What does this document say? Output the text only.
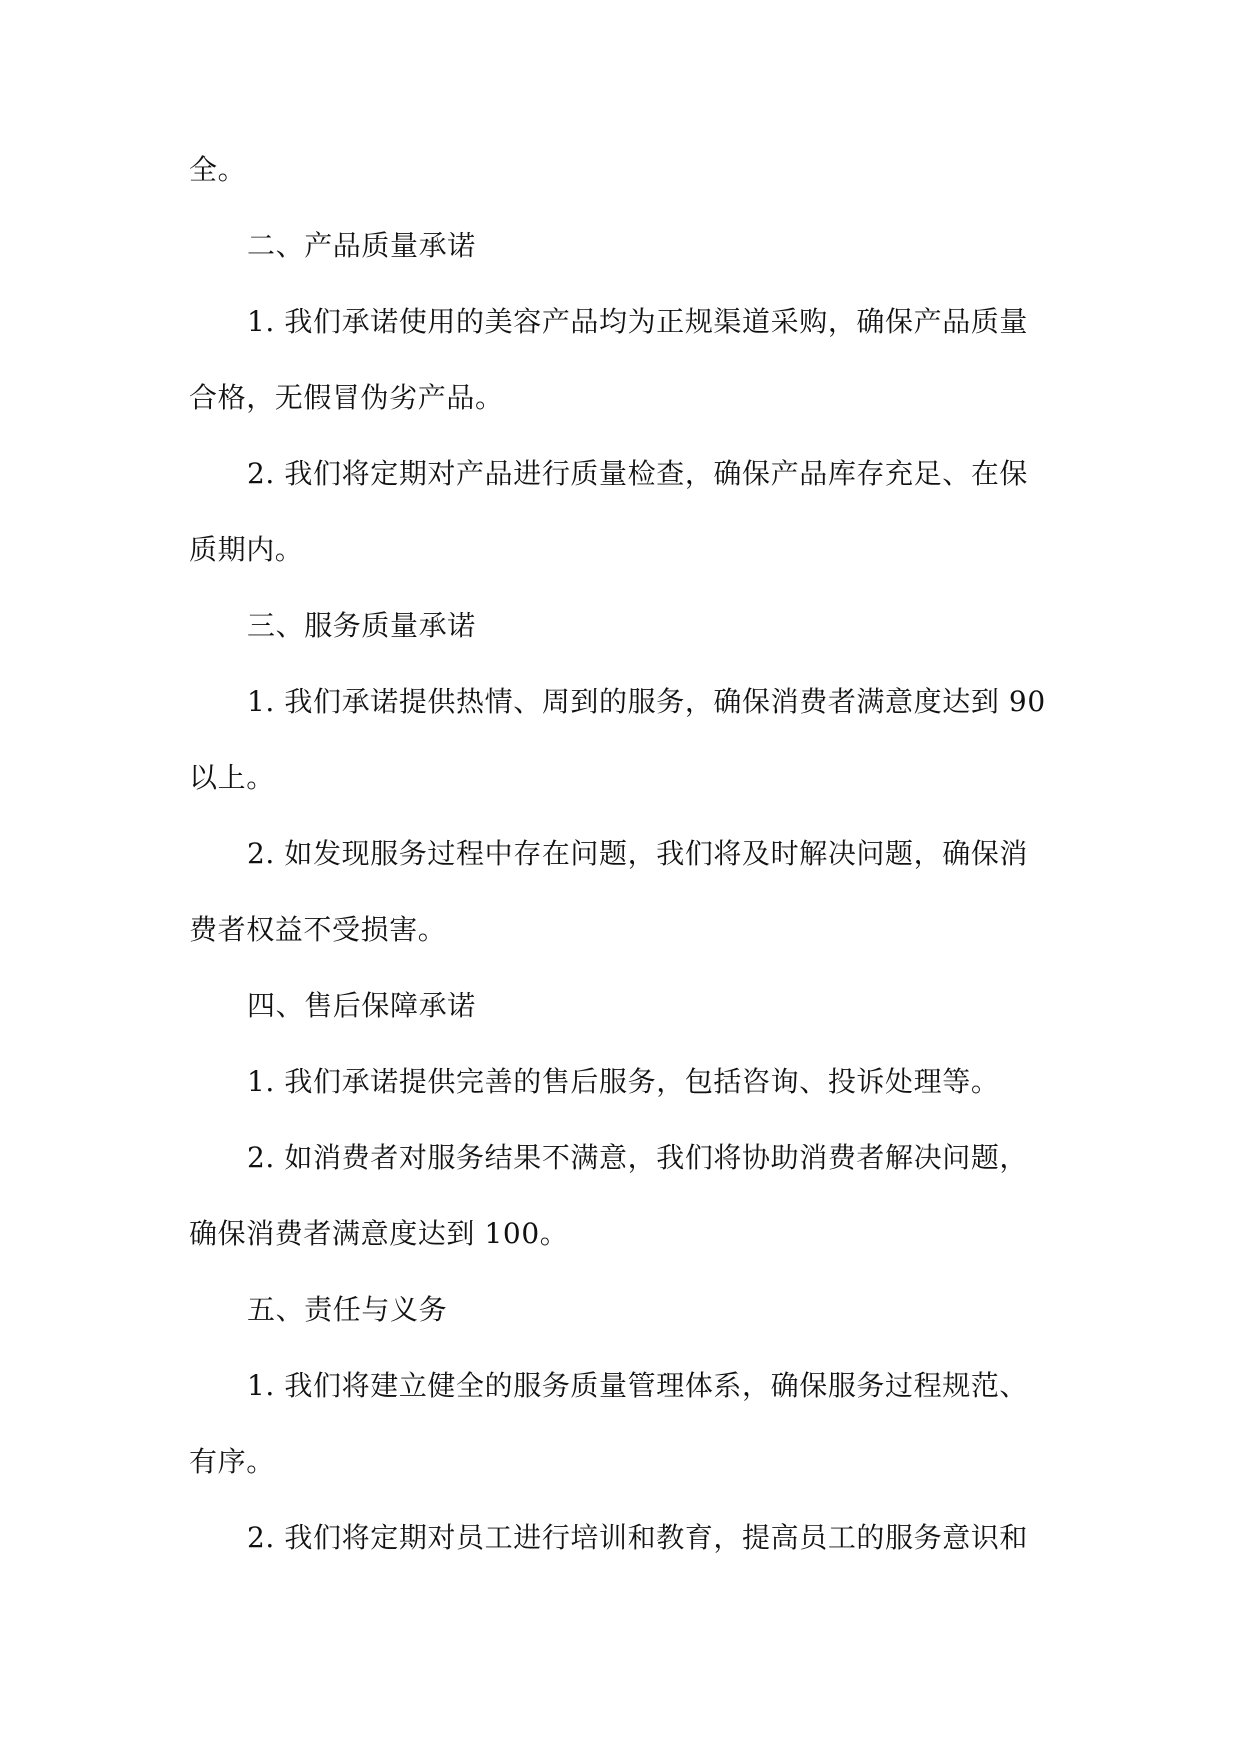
全。
二、产品质量承诺
1. 我们承诺使用的美容产品均为正规渠道采购，确保产品质量
合格，无假冒伪劣产品。
2. 我们将定期对产品进行质量检查，确保产品库存充足、在保
质期内。
三、服务质量承诺
1. 我们承诺提供热情、周到的服务，确保消费者满意度达到 90
以上。
2. 如发现服务过程中存在问题，我们将及时解决问题，确保消
费者权益不受损害。
四、售后保障承诺
1. 我们承诺提供完善的售后服务，包括咨询、投诉处理等。
2. 如消费者对服务结果不满意，我们将协助消费者解决问题，
确保消费者满意度达到 100。
五、责任与义务
1. 我们将建立健全的服务质量管理体系，确保服务过程规范、
有序。
2. 我们将定期对员工进行培训和教育，提高员工的服务意识和
